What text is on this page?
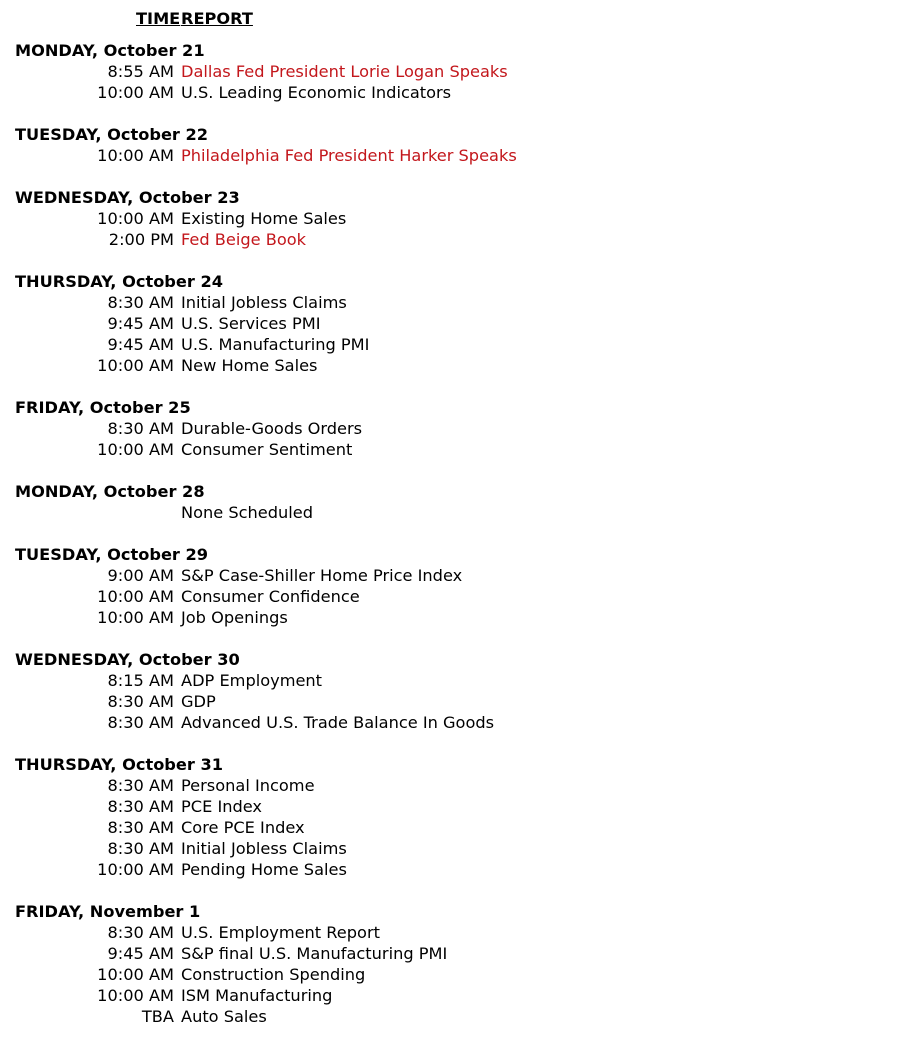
TIME REPORT
MONDAY, October 21
8:55 AM Dallas Fed President Lorie Logan Speaks
10:00 AM U.S. Leading Economic Indicators
TUESDAY, October 22
10:00 AM Philadelphia Fed President Harker Speaks
WEDNESDAY, October 23
10:00 AM Existing Home Sales
2:00 PM Fed Beige Book
THURSDAY, October 24
8:30 AM Initial Jobless Claims
9:45 AM U.S. Services PMI
9:45 AM U.S. Manufacturing PMI
10:00 AM New Home Sales
FRIDAY, October 25
8:30 AM Durable-Goods Orders
10:00 AM Consumer Sentiment
MONDAY, October 28
None Scheduled
TUESDAY, October 29
9:00 AM S&P Case-Shiller Home Price Index
10:00 AM Consumer Confidence
10:00 AM Job Openings
WEDNESDAY, October 30
8:15 AM ADP Employment
8:30 AM GDP
8:30 AM Advanced U.S. Trade Balance In Goods
THURSDAY, October 31
8:30 AM Personal Income
8:30 AM PCE Index
8:30 AM Core PCE Index
8:30 AM Initial Jobless Claims
10:00 AM Pending Home Sales
FRIDAY, November 1
8:30 AM U.S. Employment Report
9:45 AM S&P final U.S. Manufacturing PMI
10:00 AM Construction Spending
10:00 AM ISM Manufacturing
TBA Auto Sales
